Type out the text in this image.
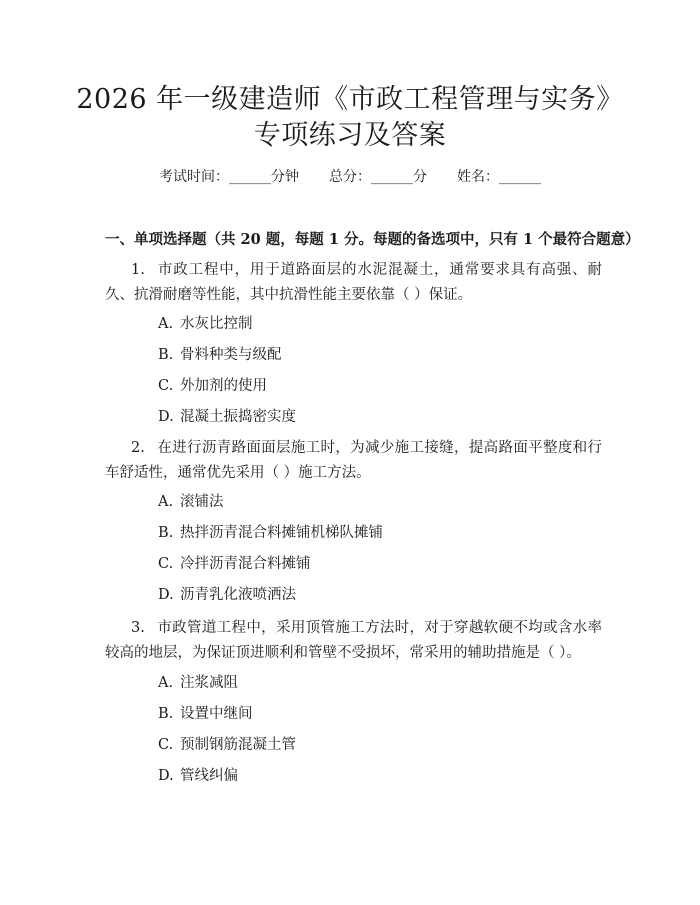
2026 年一级建造师《市政工程管理与实务》
专项练习及答案
考试时间：______分钟 总分：______分 姓名：______
一、单项选择题（共 20 题，每题 1 分。每题的备选项中，只有 1 个最符合题意）
1. 市政工程中，用于道路面层的水泥混凝土，通常要求具有高强、耐久、抗滑耐磨等性能，其中抗滑性能主要依靠（ ）保证。
A. 水灰比控制
B. 骨料种类与级配
C. 外加剂的使用
D. 混凝土振捣密实度
2. 在进行沥青路面面层施工时，为减少施工接缝，提高路面平整度和行车舒适性，通常优先采用（ ）施工方法。
A. 滚铺法
B. 热拌沥青混合料摊铺机梯队摊铺
C. 冷拌沥青混合料摊铺
D. 沥青乳化液喷洒法
3. 市政管道工程中，采用顶管施工方法时，对于穿越软硬不均或含水率较高的地层，为保证顶进顺利和管壁不受损坏，常采用的辅助措施是（ ）。
A. 注浆减阻
B. 设置中继间
C. 预制钢筋混凝土管
D. 管线纠偏
